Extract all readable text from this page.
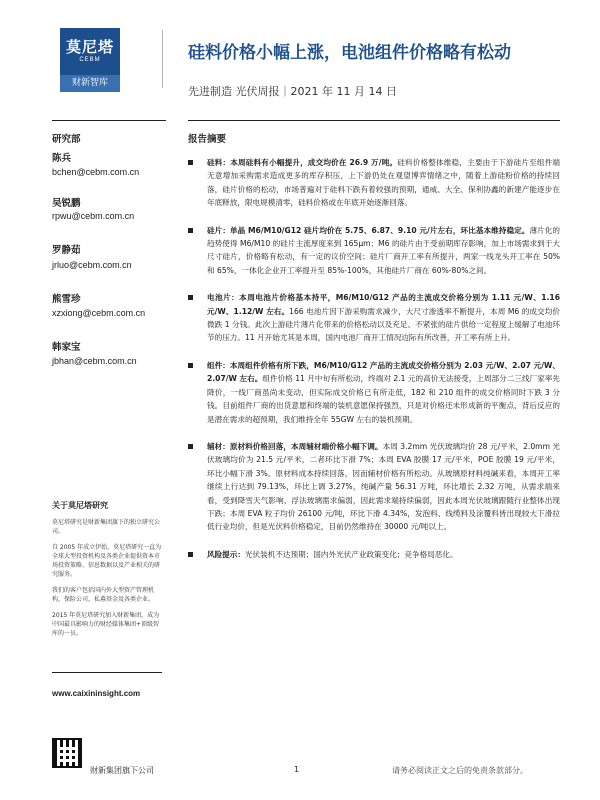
莫尼塔
CEBM
财新智库
硅料价格小幅上涨，电池组件价格略有松动
先进制造 光伏周报｜2021 年 11 月 14 日
研究部	报告摘要
陈兵
bchen@cebm.com.cn
吴锐鹏
rpwu@cebm.com.cn
罗静茹
jrluo@cebm.com.cn
熊雪珍
xzxiong@cebm.com.cn
韩家宝
jbhan@cebm.com.cn
关于莫尼塔研究

莫尼塔研究是财新集团旗下的独立研究公司。

自 2005 年成立伊始，莫尼塔研究一直为全球大型投资机构及各类企业提供资本市场投资策略、信息数据以及产业相关的研究服务。

我们的客户包括国内外大型资产管理机构，保险公司，私募基金及各类企业。

2015 年莫尼塔研究加入财新集团，成为中国最具影响力的财经媒体集团+顶级智库的一员。

www.caixininsight.com
硅料：本周硅料有小幅提升，成交均价在 26.9 万/吨。硅料价格整体维稳，主要由于下游硅片至组件端无意增加采购需求造成更多的库存积压，上下游仍处在观望博弈情绪之中，随着上游硅粉价格的持续回落，硅片价格的松动，市场普遍对于硅料下跌有着较强的预期，通威、大全、保利协鑫的新建产能逐步在年底释放，限电规模清零，硅料价格或在年底开始逐渐回落。
硅片：单晶 M6/M10/G12 硅片均价在 5.75、6.87、9.10 元/片左右，环比基本维持稳定。薄片化的趋势使得 M6/M10 的硅片主流厚度来到 165μm；M6 的硅片由于受前期库存影响，加上市场需求到于大尺寸硅片，价格略有松动，有一定的议价空间；硅片厂商开工率有所提升，两家一线龙头开工率在 50%和 65%，一体化企业开工率提升至 85%-100%，其他硅片厂商在 60%-80%之间。
电池片：本周电池片价格基本持平，M6/M10/G12 产品的主流成交价格分别为 1.11 元/W、1.16 元/W、1.12/W 左右。166 电池片因下游采购需求减少，大尺寸渗透率不断提升，本周 M6 的成交均价微跌 1 分钱。此次上游硅片薄片化带来的价格松动以及充足、不紧张的硅片供给一定程度上缓解了电池环节的压力。11 月开始尤其是本周，国内电池厂商开工情况边际有所改善，开工率有所上升。
组件：本周组件价格有所下跌，M6/M10/G12 产品的主流成交价格分别为 2.03 元/W、2.07 元/W、2.07/W 左右。组件价格 11 月中旬有所松动，终端对 2.1 元的高价无法接受，上周部分二三线厂家率先降价，一线厂商虽尚未变动，但实际成交价格已有所走低，182 和 210 组件的成交价格同时下跌 3 分钱。目前组件厂商的出货意愿和终端的装机意愿保持强烈，只是对价格还未形成新的平衡点，背后反应的是潜在需求的超预期，我们维持全年 55GW 左右的装机预期。
辅材：原材料价格回落，本周辅材端价格小幅下调。本周 3.2mm 光伏玻璃均价 28 元/平米，2.0mm 光伏玻璃均价为 21.5 元/平米，二者环比下滑 7%；本周 EVA 胶膜 17 元/平米，POE 胶膜 19 元/平米，环比小幅下滑 3%。原材料成本持续回落，因而辅材价格有所松动。从玻璃原材料纯碱来看，本周开工率继续上行达到 79.13%，环比上调 3.27%，纯碱产量 56.31 万吨，环比增长 2.32 万吨，从需求端来看，受到降雪天气影响、浮法玻璃需求偏弱，因此需求端持续偏弱，因此本周光伏玻璃跟随行业整体出现下跌；本周 EVA 粒子均价 26100 元/吨，环比下滑 4.34%，发泡料、线缆料及涂覆料皆出现较大下滑拉低行业均价，但是光伏料价格稳定，目前仍然维持在 30000 元/吨以上。
风险提示：光伏装机不达预期；国内外光伏产业政策变化；竞争格局恶化。
财新集团旗下公司	1	请务必阅读正文之后的免责条款部分。
